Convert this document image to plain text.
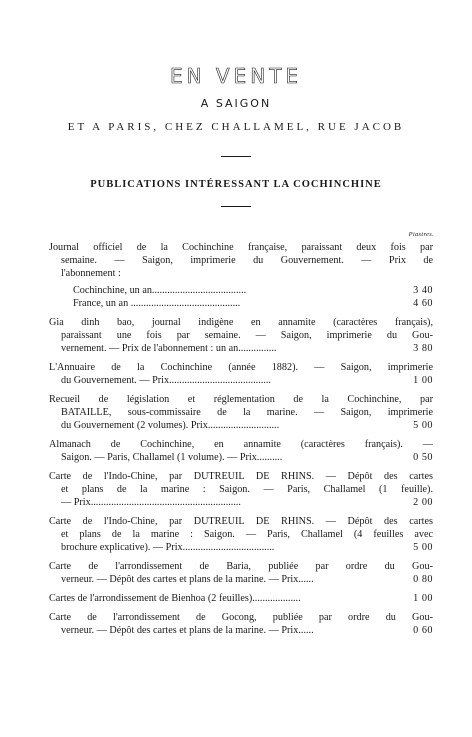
EN VENTE
A SAIGON
ET A PARIS, CHEZ CHALLAMEL, RUE JACOB
PUBLICATIONS INTÉRESSANT LA COCHINCHINE
Piastres.
Journal officiel de la Cochinchine française, paraissant deux fois par
semaine. — Saigon, imprimerie du Gouvernement. — Prix de
l'abonnement :
Cochinchine, un an.....................................	3 40
France, un an ...........................................	4 60
Gia dinh bao, journal indigène en annamite (caractères français),
paraissant une fois par semaine. — Saigon, imprimerie du Gou-
vernement. — Prix de l'abonnement : un an...............	3 80
L'Annuaire de la Cochinchine (année 1882). — Saigon, imprimerie
du Gouvernement. — Prix........................................	1 00
Recueil de législation et réglementation de la Cochinchine, par
BATAILLE, sous-commissaire de la marine. — Saigon, imprimerie
du Gouvernement (2 volumes). Prix............................	5 00
Almanach de Cochinchine, en annamite (caractères français). —
Saigon. — Paris, Challamel (1 volume). — Prix..........	0 50
Carte de l'Indo-Chine, par DUTREUIL DE RHINS. — Dépôt des cartes
et plans de la marine : Saigon. — Paris, Challamel (1 feuille).
— Prix...........................................................	2 00
Carte de l'Indo-Chine, par DUTREUIL DE RHINS. — Dépôt des cartes
et plans de la marine : Saigon. — Paris, Challamel (4 feuilles avec
brochure explicative). — Prix....................................	5 00
Carte de l'arrondissement de Baria, publiée par ordre du Gou-
verneur. — Dépôt des cartes et plans de la marine. — Prix......	0 80
Cartes de l'arrondissement de Bienhoa (2 feuilles)...................	1 00
Carte de l'arrondissement de Gocong, publiée par ordre du Gou-
verneur. — Dépôt des cartes et plans de la marine. — Prix......	0 60
